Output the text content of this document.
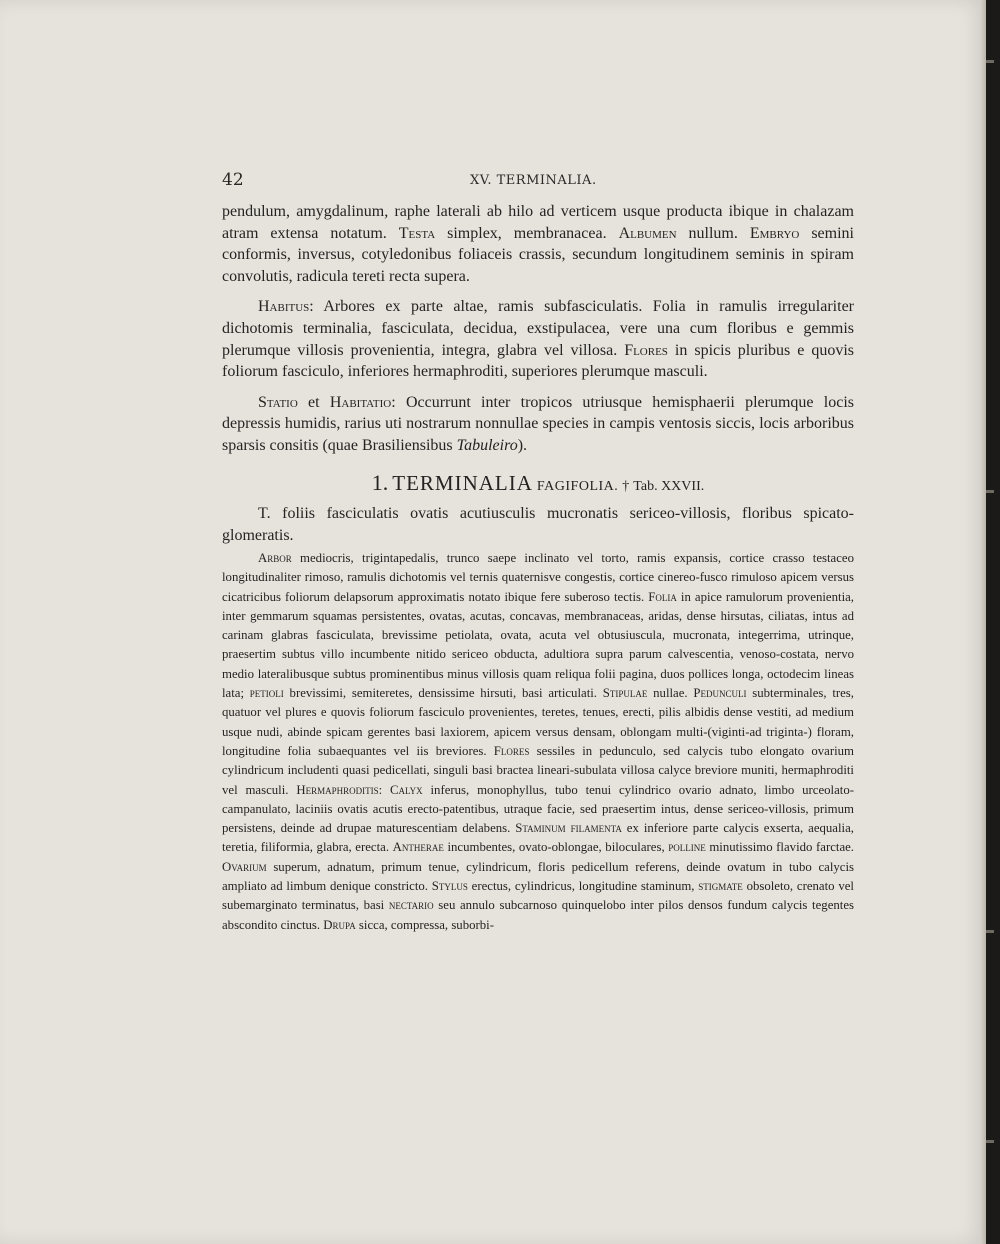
42	XV. TERMINALIA.

pendulum, amygdalinum, raphe laterali ab hilo ad verticem usque producta ibique in chalazam atram extensa notatum. Testa simplex, membranacea. Albumen nullum. Embryo semini conformis, inversus, cotyledonibus foliaceis crassis, secundum longitudinem seminis in spiram convolutis, radicula tereti recta supera.

Habitus: Arbores ex parte altae, ramis subfasciculatis. Folia in ramulis irregulariter dichotomis terminalia, fasciculata, decidua, exstipulacea, vere una cum floribus e gemmis plerumque villosis provenientia, integra, glabra vel villosa. Flores in spicis pluribus e quovis foliorum fasciculo, inferiores hermaphroditi, superiores plerumque masculi.

Statio et Habitatio: Occurrunt inter tropicos utriusque hemisphaerii plerumque locis depressis humidis, rarius uti nostrarum nonnullae species in campis ventosis siccis, locis arboribus sparsis consitis (quae Brasiliensibus Tabuleiro).

1. TERMINALIA FAGIFOLIA. † Tab. XXVII.

T. foliis fasciculatis ovatis acutiusculis mucronatis sericeo-villosis, floribus spicato-glomeratis.

Arbor mediocris, trigintapedalis, trunco saepe inclinato vel torto, ramis expansis, cortice crasso testaceo longitudinaliter rimoso, ramulis dichotomis vel ternis quaternisve congestis, cortice cinereo-fusco rimuloso apicem versus cicatricibus foliorum delapsorum approximatis notato ibique fere suberoso tectis. Folia in apice ramulorum provenientia, inter gemmarum squamas persistentes, ovatas, acutas, concavas, membranaceas, aridas, dense hirsutas, ciliatas, intus ad carinam glabras fasciculata, brevissime petiolata, ovata, acuta vel obtusiuscula, mucronata, integerrima, utrinque, praesertim subtus villo incumbente nitido sericeo obducta, adultiora supra parum calvescentia, venoso-costata, nervo medio lateralibusque subtus prominentibus minus villosis quam reliqua folii pagina, duos pollices longa, octodecim lineas lata; petioli brevissimi, semiteretes, densissime hirsuti, basi articulati. Stipulae nullae. Pedunculi subterminales, tres, quatuor vel plures e quovis foliorum fasciculo provenientes, teretes, tenues, erecti, pilis albidis dense vestiti, ad medium usque nudi, abinde spicam gerentes basi laxiorem, apicem versus densam, oblongam multi-(viginti-ad triginta-) floram, longitudine folia subaequantes vel iis breviores. Flores sessiles in pedunculo, sed calycis tubo elongato ovarium cylindricum includenti quasi pedicellati, singuli basi bractea lineari-subulata villosa calyce breviore muniti, hermaphroditi vel masculi. Hermaphroditis: Calyx inferus, monophyllus, tubo tenui cylindrico ovario adnato, limbo urceolato-campanulato, laciniis ovatis acutis erecto-patentibus, utraque facie, sed praesertim intus, dense sericeo-villosis, primum persistens, deinde ad drupae maturescentiam delabens. Staminum filamenta ex inferiore parte calycis exserta, aequalia, teretia, filiformia, glabra, erecta. Antherae incumbentes, ovato-oblongae, biloculares, polline minutissimo flavido farctae. Ovarium superum, adnatum, primum tenue, cylindricum, floris pedicellum referens, deinde ovatum in tubo calycis ampliato ad limbum denique constricto. Stylus erectus, cylindricus, longitudine staminum, stigmate obsoleto, crenato vel subemarginato terminatus, basi nectario seu annulo subcarnoso quinquelobo inter pilos densos fundum calycis tegentes abscondito cinctus. Drupa sicca, compressa, suborbi-
